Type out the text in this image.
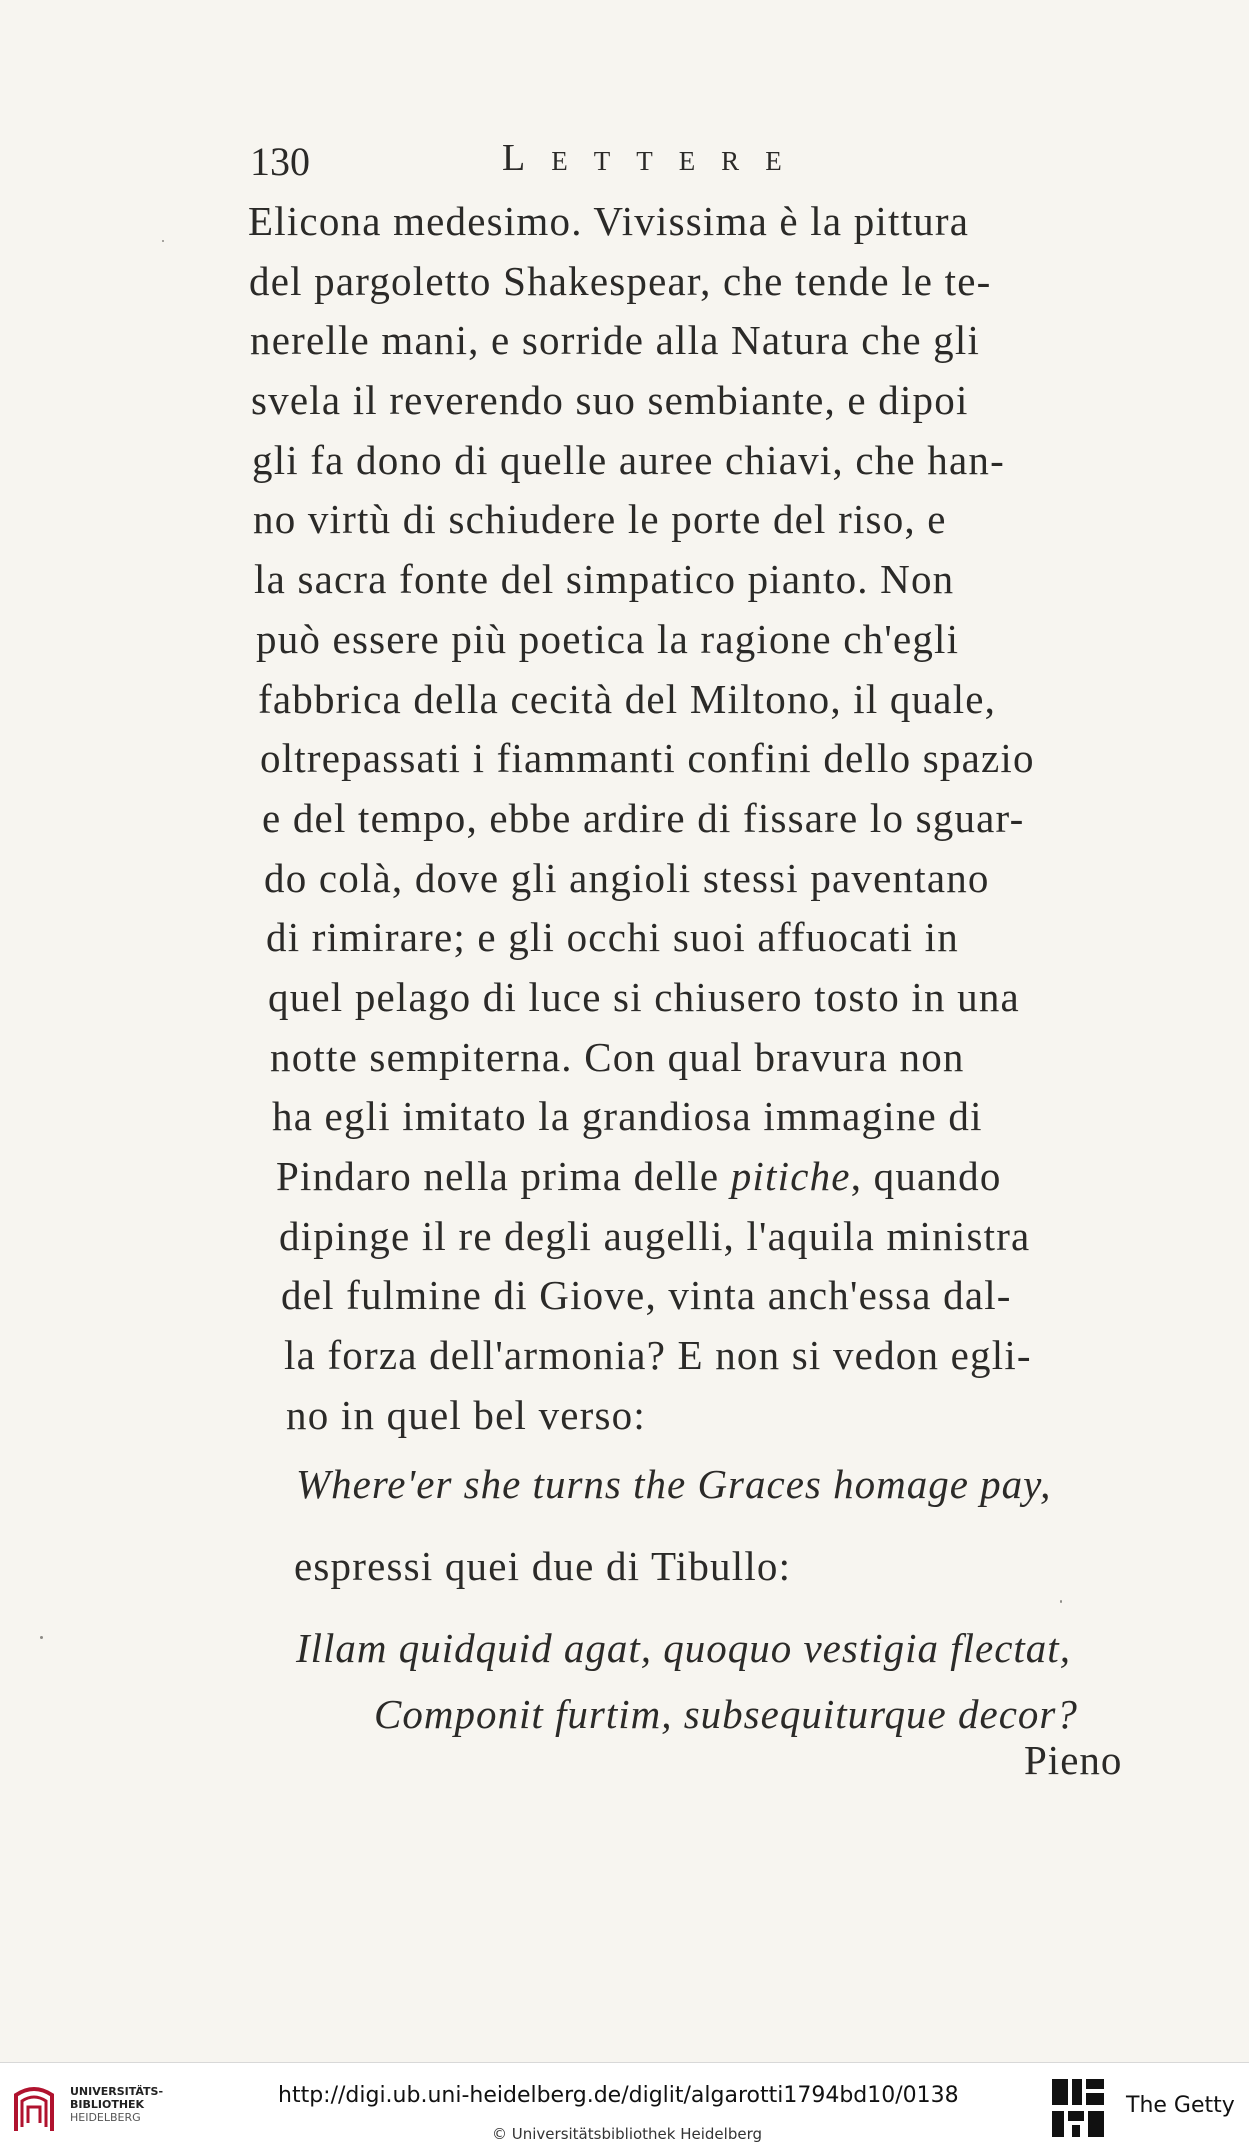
130	Lettere
Elicona medesimo. Vivissima è la pittura
del pargoletto Shakespear, che tende le te-
nerelle mani, e sorride alla Natura che gli
svela il reverendo suo sembiante, e dipoi
gli fa dono di quelle auree chiavi, che han-
no virtù di schiudere le porte del riso, e
la sacra fonte del simpatico pianto. Non
può essere più poetica la ragione ch'egli
fabbrica della cecità del Miltono, il quale,
oltrepassati i fiammanti confini dello spazio
e del tempo, ebbe ardire di fissare lo sguar-
do colà, dove gli angioli stessi paventano
di rimirare; e gli occhi suoi affuocati in
quel pelago di luce si chiusero tosto in una
notte sempiterna. Con qual bravura non
ha egli imitato la grandiosa immagine di
Pindaro nella prima delle pitiche, quando
dipinge il re degli augelli, l'aquila ministra
del fulmine di Giove, vinta anch'essa dal-
la forza dell'armonia? E non si vedon egli-
no in quel bel verso:
Where'er she turns the Graces homage pay,
espressi quei due di Tibullo:
Illam quidquid agat, quoquo vestigia flectat,
Componit furtim, subsequiturque decor?
Pieno
UNIVERSITÄTS-
BIBLIOTHEK
HEIDELBERG
http://digi.ub.uni-heidelberg.de/diglit/algarotti1794bd10/0138
© Universitätsbibliothek Heidelberg
The Getty
